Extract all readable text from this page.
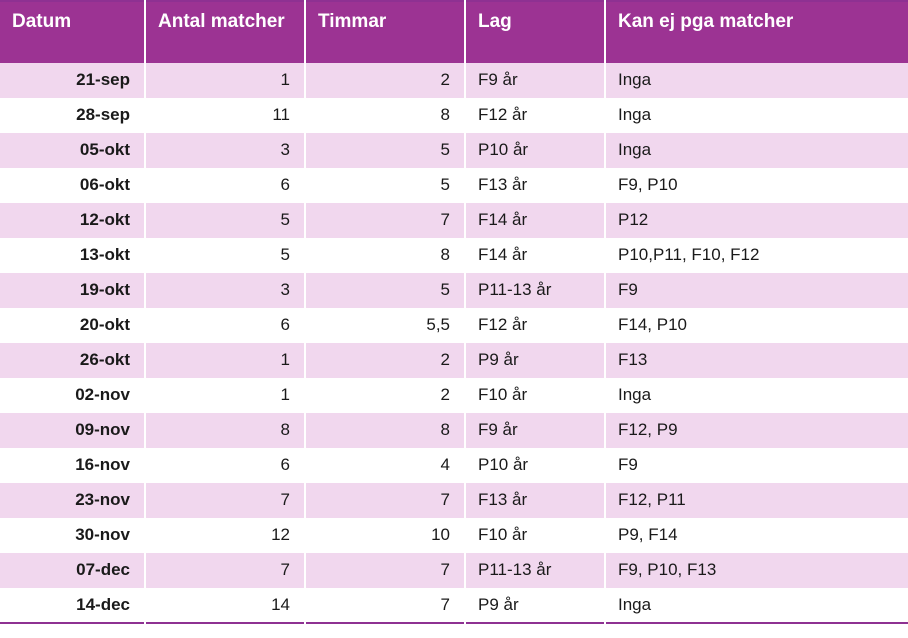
Datum	Antal matcher	Timmar	Lag	Kan ej pga matcher
21-sep	1	2	F9 år	Inga
28-sep	11	8	F12 år	Inga
05-okt	3	5	P10 år	Inga
06-okt	6	5	F13 år	F9, P10
12-okt	5	7	F14 år	P12
13-okt	5	8	F14 år	P10,P11, F10, F12
19-okt	3	5	P11-13 år	F9
20-okt	6	5,5	F12 år	F14, P10
26-okt	1	2	P9 år	F13
02-nov	1	2	F10 år	Inga
09-nov	8	8	F9 år	F12, P9
16-nov	6	4	P10 år	F9
23-nov	7	7	F13 år	F12, P11
30-nov	12	10	F10 år	P9, F14
07-dec	7	7	P11-13 år	F9, P10, F13
14-dec	14	7	P9 år	Inga
